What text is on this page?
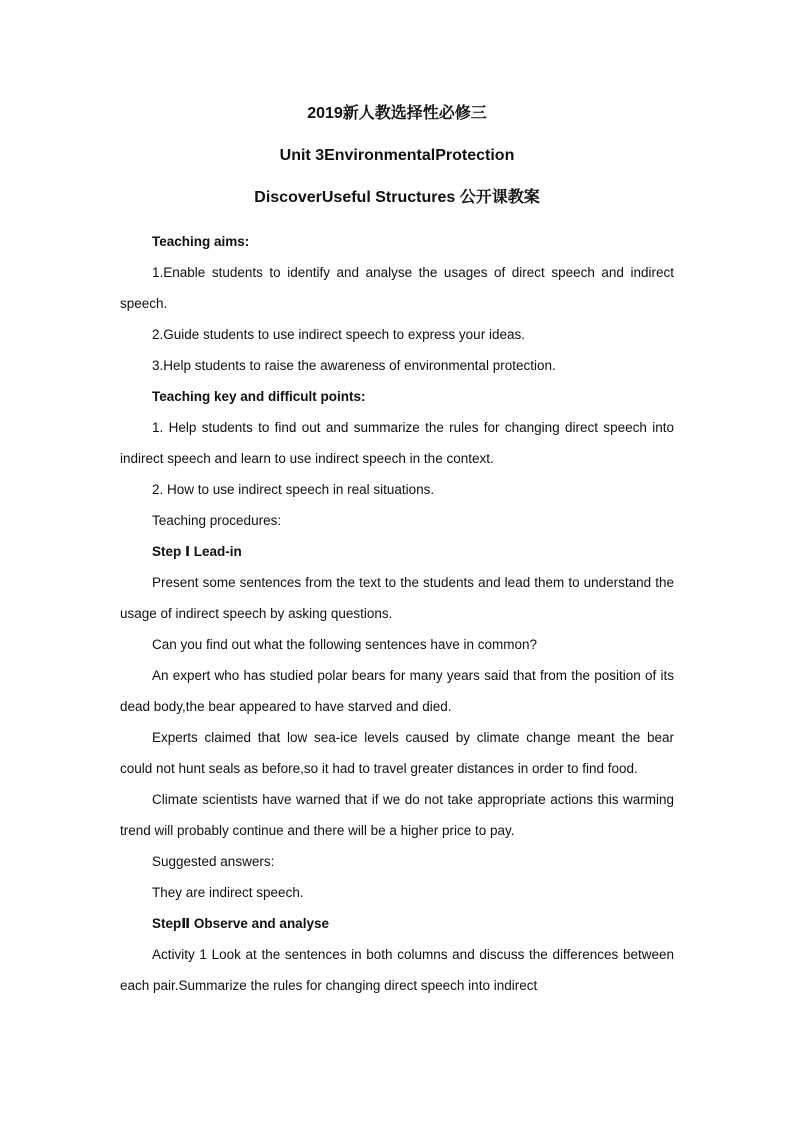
2019新人教选择性必修三
Unit 3EnvironmentalProtection
DiscoverUseful Structures 公开课教案

Teaching aims:

1.Enable students to identify and analyse the usages of direct speech and indirect speech.

2.Guide students to use indirect speech to express your ideas.

3.Help students to raise the awareness of environmental protection.

Teaching key and difficult points:

1. Help students to find out and summarize the rules for changing direct speech into indirect speech and learn to use indirect speech in the context.

2. How to use indirect speech in real situations.

Teaching procedures:

Step Ⅰ Lead-in

Present some sentences from the text to the students and lead them to understand the usage of indirect speech by asking questions.

Can you find out what the following sentences have in common?

An expert who has studied polar bears for many years said that from the position of its dead body,the bear appeared to have starved and died.

Experts claimed that low sea-ice levels caused by climate change meant the bear could not hunt seals as before,so it had to travel greater distances in order to find food.

Climate scientists have warned that if we do not take appropriate actions this warming trend will probably continue and there will be a higher price to pay.

Suggested answers:

They are indirect speech.

StepⅡ Observe and analyse

Activity 1 Look at the sentences in both columns and discuss the differences between each pair.Summarize the rules for changing direct speech into indirect
